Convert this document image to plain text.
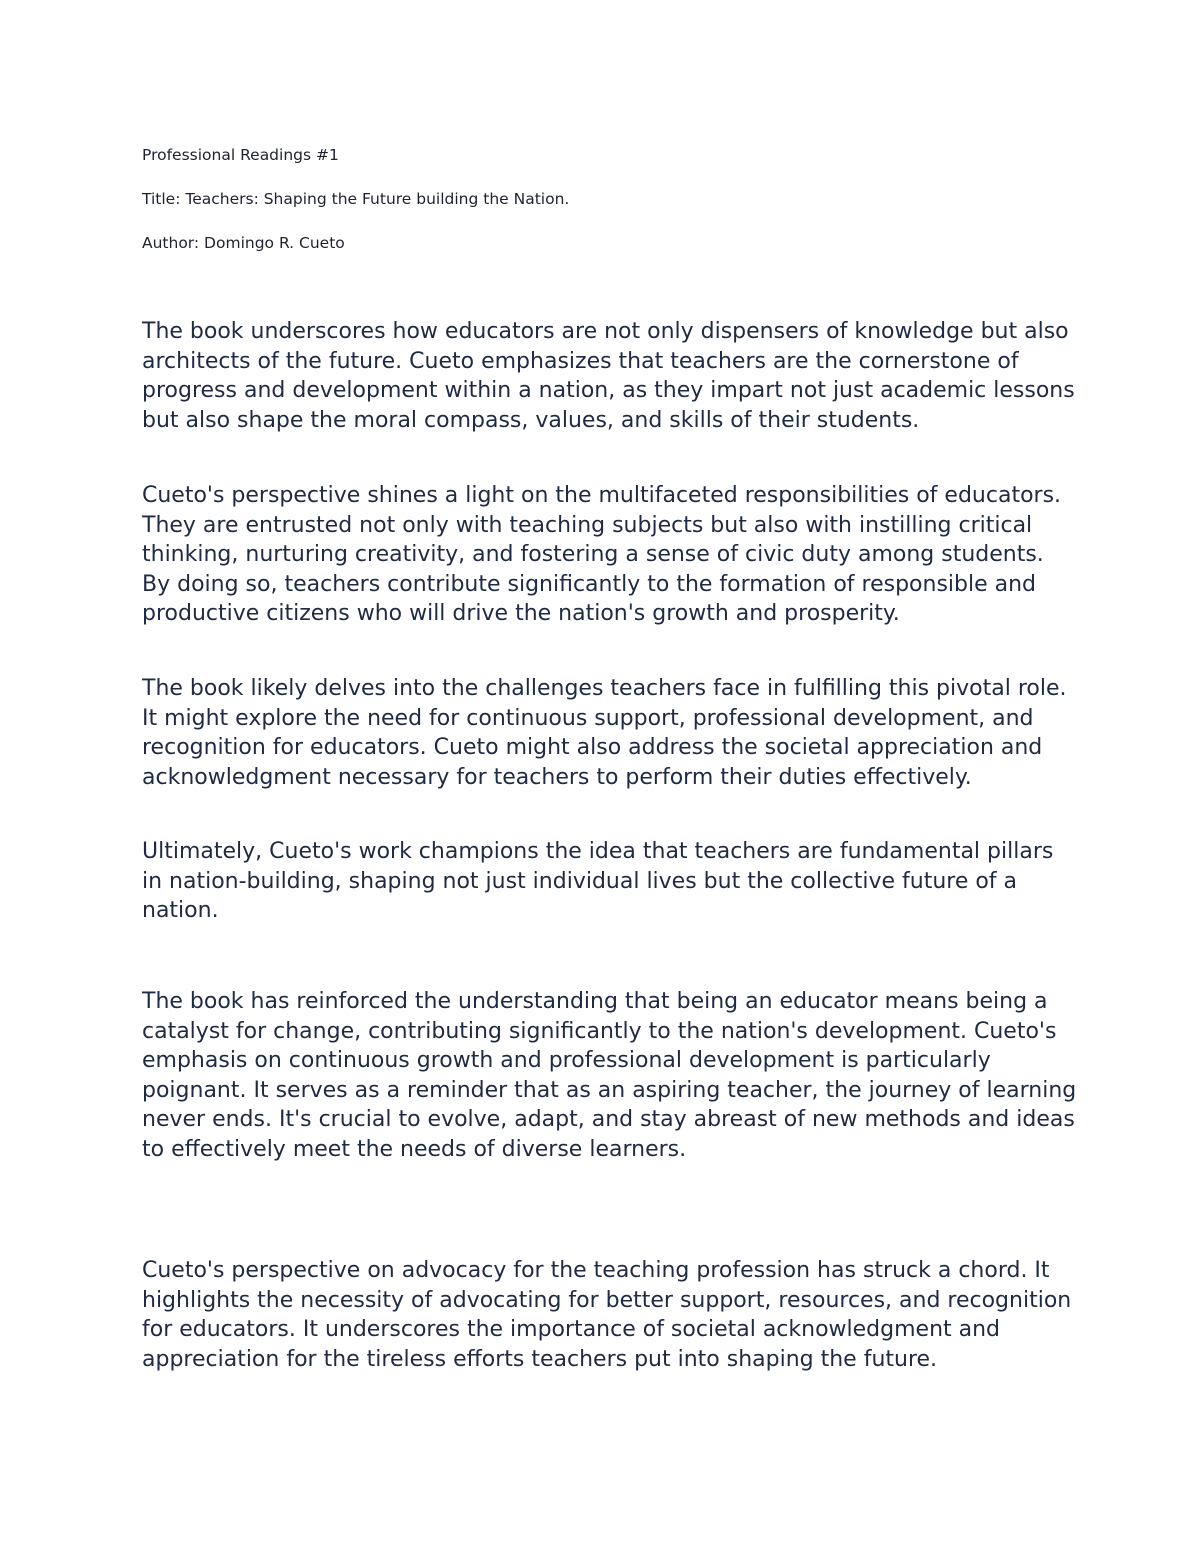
Professional Readings #1

Title: Teachers: Shaping the Future building the Nation.

Author: Domingo R. Cueto

The book underscores how educators are not only dispensers of knowledge but also architects of the future. Cueto emphasizes that teachers are the cornerstone of progress and development within a nation, as they impart not just academic lessons but also shape the moral compass, values, and skills of their students.

Cueto's perspective shines a light on the multifaceted responsibilities of educators. They are entrusted not only with teaching subjects but also with instilling critical thinking, nurturing creativity, and fostering a sense of civic duty among students. By doing so, teachers contribute significantly to the formation of responsible and productive citizens who will drive the nation's growth and prosperity.

The book likely delves into the challenges teachers face in fulfilling this pivotal role. It might explore the need for continuous support, professional development, and recognition for educators. Cueto might also address the societal appreciation and acknowledgment necessary for teachers to perform their duties effectively.

Ultimately, Cueto's work champions the idea that teachers are fundamental pillars in nation-building, shaping not just individual lives but the collective future of a nation.

The book has reinforced the understanding that being an educator means being a catalyst for change, contributing significantly to the nation's development. Cueto's emphasis on continuous growth and professional development is particularly poignant. It serves as a reminder that as an aspiring teacher, the journey of learning never ends. It's crucial to evolve, adapt, and stay abreast of new methods and ideas to effectively meet the needs of diverse learners.

Cueto's perspective on advocacy for the teaching profession has struck a chord. It highlights the necessity of advocating for better support, resources, and recognition for educators. It underscores the importance of societal acknowledgment and appreciation for the tireless efforts teachers put into shaping the future.
